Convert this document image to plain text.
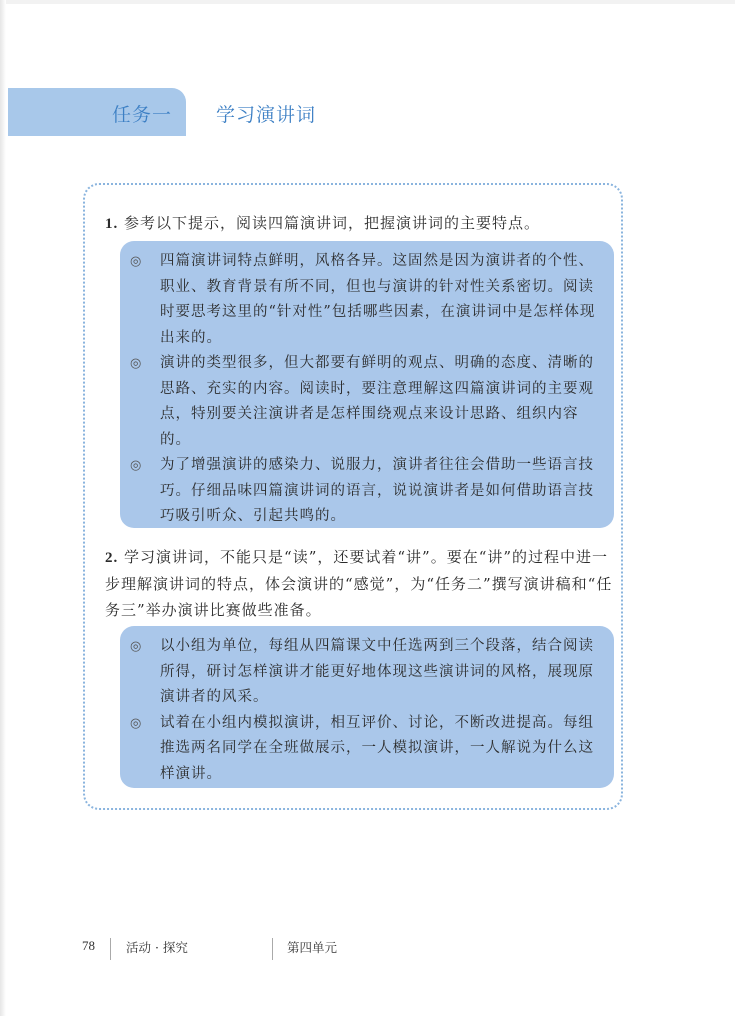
任务一 学习演讲词
1. 参考以下提示，阅读四篇演讲词，把握演讲词的主要特点。
◎ 四篇演讲词特点鲜明，风格各异。这固然是因为演讲者的个性、职业、教育背景有所不同，但也与演讲的针对性关系密切。阅读时要思考这里的“针对性”包括哪些因素，在演讲词中是怎样体现出来的。
◎ 演讲的类型很多，但大都要有鲜明的观点、明确的态度、清晰的思路、充实的内容。阅读时，要注意理解这四篇演讲词的主要观点，特别要关注演讲者是怎样围绕观点来设计思路、组织内容的。
◎ 为了增强演讲的感染力、说服力，演讲者往往会借助一些语言技巧。仔细品味四篇演讲词的语言，说说演讲者是如何借助语言技巧吸引听众、引起共鸣的。
2. 学习演讲词，不能只是“读”，还要试着“讲”。要在“讲”的过程中进一步理解演讲词的特点，体会演讲的“感觉”，为“任务二”撰写演讲稿和“任务三”举办演讲比赛做些准备。
◎ 以小组为单位，每组从四篇课文中任选两到三个段落，结合阅读所得，研讨怎样演讲才能更好地体现这些演讲词的风格，展现原演讲者的风采。
◎ 试着在小组内模拟演讲，相互评价、讨论，不断改进提高。每组推选两名同学在全班做展示，一人模拟演讲，一人解说为什么这样演讲。
78 活动 · 探究	第四单元
